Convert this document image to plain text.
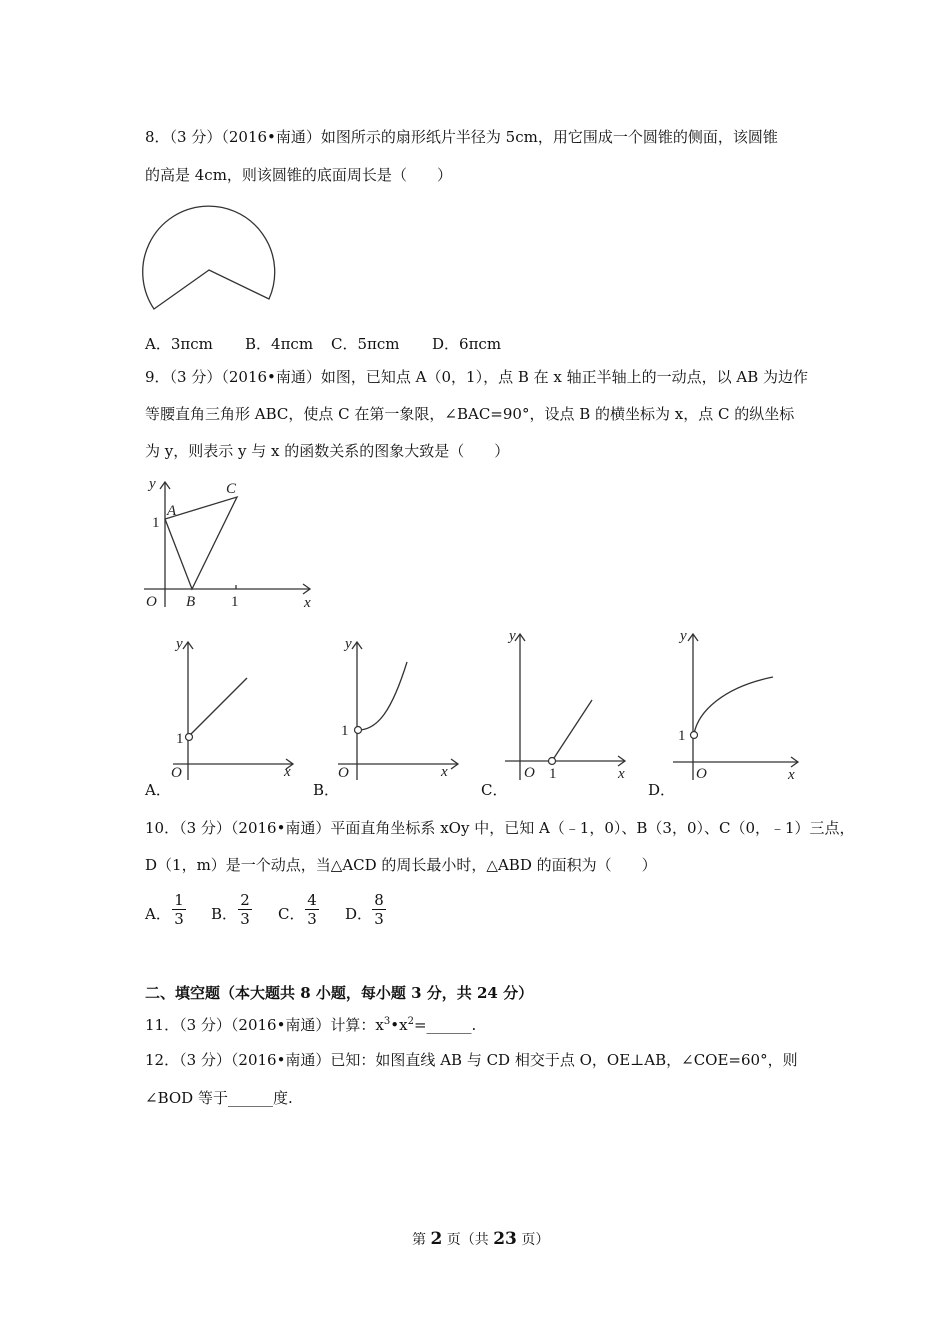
8．（3 分）（2016•南通）如图所示的扇形纸片半径为 5cm，用它围成一个圆锥的侧面，该圆锥
的高是 4cm，则该圆锥的底面周长是（　　）
A．3πcm B．4πcm C．5πcm D．6πcm
9．（3 分）（2016•南通）如图，已知点 A（0，1），点 B 在 x 轴正半轴上的一动点，以 AB 为边作
等腰直角三角形 ABC，使点 C 在第一象限，∠BAC=90°，设点 B 的横坐标为 x，点 C 的纵坐标
为 y，则表示 y 与 x 的函数关系的图象大致是（　　）
y
x
O
A
B
C
1
1
y
x
O
1
y
x
O
1
y
x
O 1
y
x
O
1
A．	B．	C．	D．
10．（3 分）（2016•南通）平面直角坐标系 xOy 中，已知 A（﹣1，0）、B（3，0）、C（0，﹣1）三点，
D（1，m）是一个动点，当△ACD 的周长最小时，△ABD 的面积为（　　）
A． $\frac{1}{3}$ B． $\frac{2}{3}$ C． $\frac{4}{3}$ D． $\frac{8}{3}$
二、填空题（本大题共 8 小题，每小题 3 分，共 24 分）
11．（3 分）（2016•南通）计算：$x^3•x^2=\_\_\_\_\_\_$.
12．（3 分）（2016•南通）已知：如图直线 AB 与 CD 相交于点 O，OE⊥AB，∠COE=60°，则
∠BOD 等于______度.
第 2 页（共 23 页）
